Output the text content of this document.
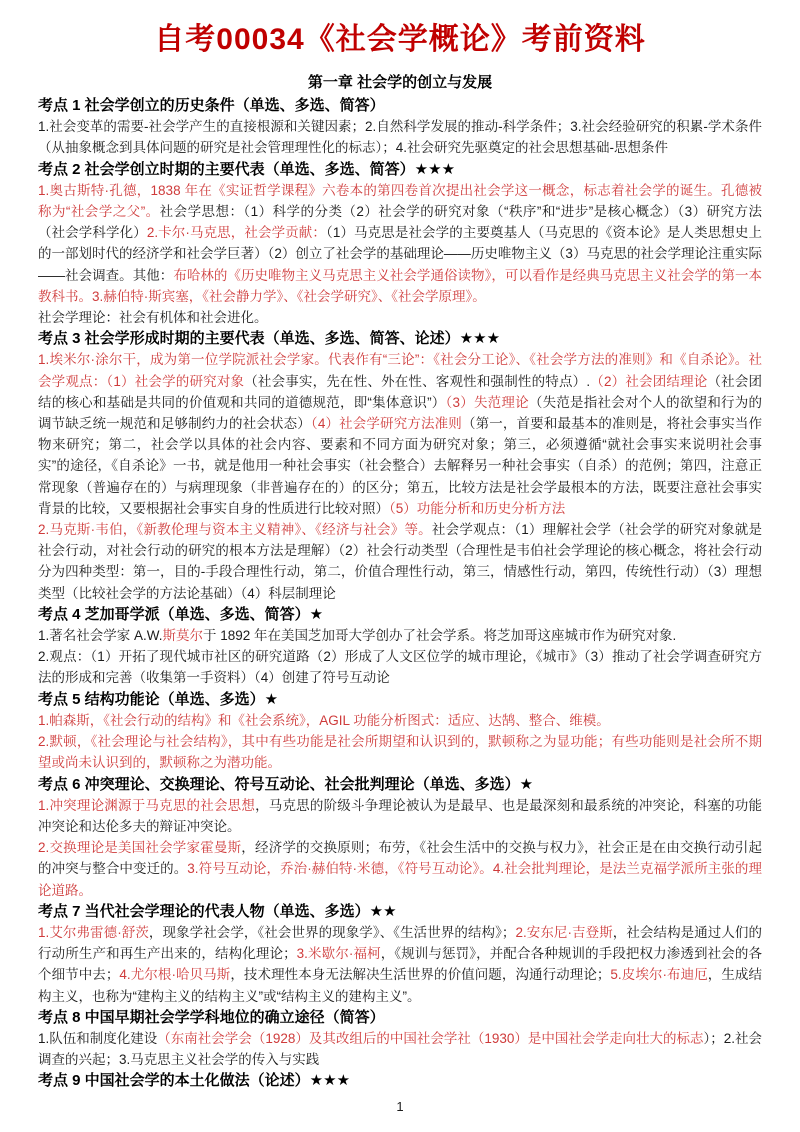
自考00034《社会学概论》考前资料
第一章 社会学的创立与发展
考点 1 社会学创立的历史条件（单选、多选、简答）

1.社会变革的需要-社会学产生的直接根源和关键因素；2.自然科学发展的推动-科学条件；3.社会经验研究的积累-学术条件（从抽象概念到具体问题的研究是社会管理理性化的标志）；4.社会研究先驱奠定的社会思想基础-思想条件

考点 2 社会学创立时期的主要代表（单选、多选、简答）★★★

1.奥古斯特·孔德，1838 年在《实证哲学课程》六卷本的第四卷首次提出社会学这一概念，标志着社会学的诞生。孔德被称为“社会学之父”。社会学思想：（1）科学的分类（2）社会学的研究对象（“秩序”和“进步”是核心概念）（3）研究方法（社会学科学化）2.卡尔·马克思，社会学贡献：（1）马克思是社会学的主要奠基人（马克思的《资本论》是人类思想史上的一部划时代的经济学和社会学巨著）（2）创立了社会学的基础理论——历史唯物主义（3）马克思的社会学理论注重实际——社会调查。其他：布哈林的《历史唯物主义马克思主义社会学通俗读物》，可以看作是经典马克思主义社会学的第一本教科书。3.赫伯特·斯宾塞，《社会静力学》、《社会学研究》、《社会学原理》。

社会学理论：社会有机体和社会进化。

考点 3 社会学形成时期的主要代表（单选、多选、简答、论述）★★★

1.埃米尔·涂尔干，成为第一位学院派社会学家。代表作有“三论”：《社会分工论》、《社会学方法的准则》和《自杀论》。社会学观点：（1）社会学的研究对象（社会事实，先在性、外在性、客观性和强制性的特点）.（2）社会团结理论（社会团结的核心和基础是共同的价值观和共同的道德规范，即“集体意识”）（3）失范理论（失范是指社会对个人的欲望和行为的调节缺乏统一规范和足够制约力的社会状态）（4）社会学研究方法准则（第一，首要和最基本的准则是，将社会事实当作物来研究；第二，社会学以具体的社会内容、要素和不同方面为研究对象；第三，必须遵循“就社会事实来说明社会事实”的途径，《自杀论》一书，就是他用一种社会事实（社会整合）去解释另一种社会事实（自杀）的范例；第四，注意正常现象（普遍存在的）与病理现象（非普遍存在的）的区分；第五，比较方法是社会学最根本的方法，既要注意社会事实背景的比较，又要根据社会事实自身的性质进行比较对照）（5）功能分析和历史分析方法

2.马克斯·韦伯，《新教伦理与资本主义精神》、《经济与社会》等。社会学观点：（1）理解社会学（社会学的研究对象就是社会行动，对社会行动的研究的根本方法是理解）（2）社会行动类型（合理性是韦伯社会学理论的核心概念，将社会行动分为四种类型：第一，目的-手段合理性行动，第二，价值合理性行动，第三，情感性行动，第四，传统性行动）（3）理想类型（比较社会学的方法论基础）（4）科层制理论

考点 4 芝加哥学派（单选、多选、简答）★

1.著名社会学家 A.W.斯莫尔于 1892 年在美国芝加哥大学创办了社会学系。将芝加哥这座城市作为研究对象.

2.观点：（1）开拓了现代城市社区的研究道路（2）形成了人文区位学的城市理论，《城市》（3）推动了社会学调查研究方法的形成和完善（收集第一手资料）（4）创建了符号互动论

考点 5 结构功能论（单选、多选）★

1.帕森斯，《社会行动的结构》和《社会系统》，AGIL 功能分析图式：适应、达鹄、整合、维模。

2.默顿，《社会理论与社会结构》，其中有些功能是社会所期望和认识到的，默顿称之为显功能；有些功能则是社会所不期望或尚未认识到的，默顿称之为潜功能。

考点 6 冲突理论、交换理论、符号互动论、社会批判理论（单选、多选）★

1.冲突理论渊源于马克思的社会思想，马克思的阶级斗争理论被认为是最早、也是最深刻和最系统的冲突论，科塞的功能冲突论和达伦多夫的辩证冲突论。

2.交换理论是美国社会学家霍曼斯，经济学的交换原则；布劳，《社会生活中的交换与权力》，社会正是在由交换行动引起的冲突与整合中变迁的。3.符号互动论，乔治·赫伯特·米德，《符号互动论》。4.社会批判理论，是法兰克福学派所主张的理论道路。

考点 7 当代社会学理论的代表人物（单选、多选）★★

1.艾尔弗雷德·舒茨，现象学社会学，《社会世界的现象学》、《生活世界的结构》；2.安东尼·吉登斯，社会结构是通过人们的行动所生产和再生产出来的，结构化理论；3.米歇尔·福柯，《规训与惩罚》，并配合各种规训的手段把权力渗透到社会的各个细节中去；4.尤尔根·哈贝马斯，技术理性本身无法解决生活世界的价值问题，沟通行动理论；5.皮埃尔·布迪厄，生成结构主义，也称为“建构主义的结构主义”或“结构主义的建构主义”。

考点 8 中国早期社会学学科地位的确立途径（简答）

1.队伍和制度化建设（东南社会学会（1928）及其改组后的中国社会学社（1930）是中国社会学走向壮大的标志）；2.社会调查的兴起；3.马克思主义社会学的传入与实践

考点 9 中国社会学的本土化做法（论述）★★★
1
